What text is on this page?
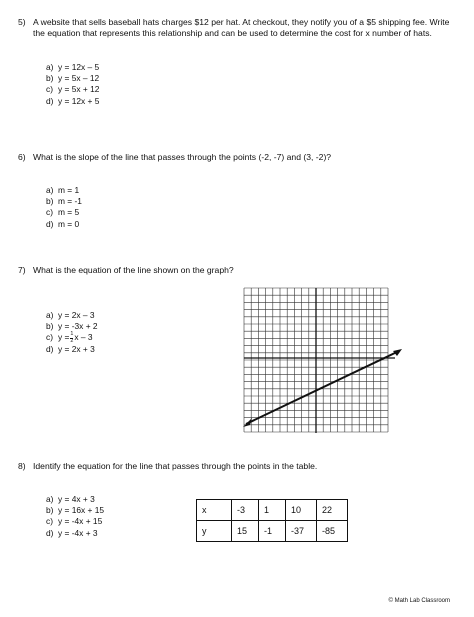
5) A website that sells baseball hats charges $12 per hat. At checkout, they notify you of a $5 shipping fee. Write the equation that represents this relationship and can be used to determine the cost for x number of hats.
a) y = 12x – 5
b) y = 5x – 12
c) y = 5x + 12
d) y = 12x + 5
6) What is the slope of the line that passes through the points (-2, -7) and (3, -2)?
a) m = 1
b) m = -1
c) m = 5
d) m = 0
7) What is the equation of the line shown on the graph?
a) y = 2x – 3
b) y = -3x + 2
c) $y = \frac{1}{2}$ x – 3
d) y = 2x + 3
8) Identify the equation for the line that passes through the points in the table.
a) y = 4x + 3
b) y = 16x + 15
c) y = -4x + 15
d) y = -4x + 3
x	-3	1	10	22
y	15	-1	-37	-85
© Math Lab Classroom
